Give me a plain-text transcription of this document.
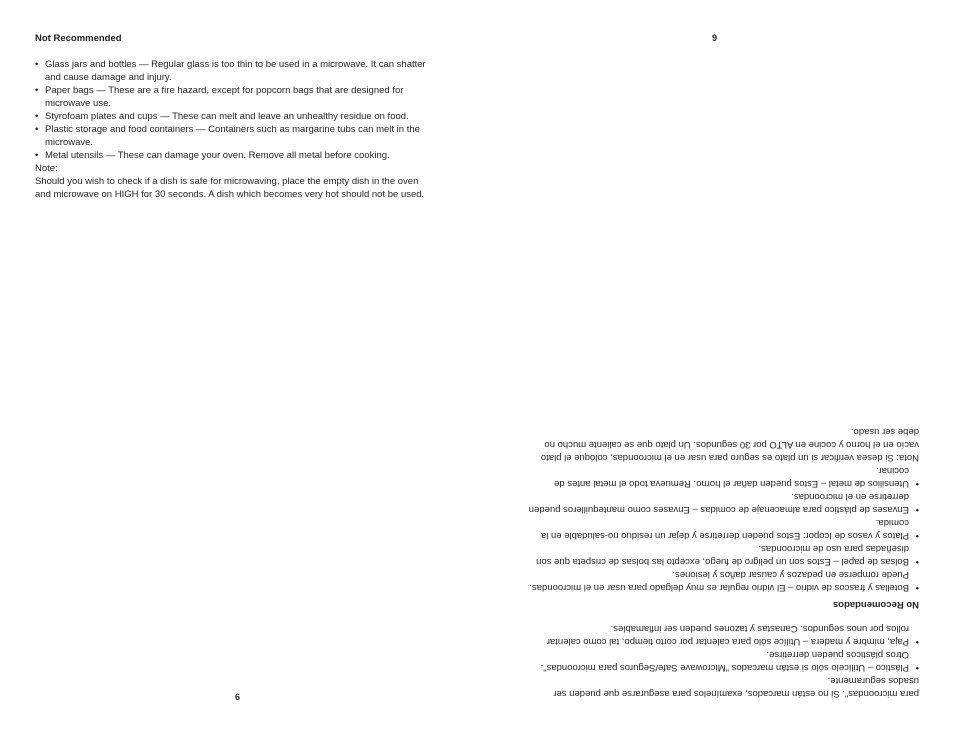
Not Recommended
• Glass jars and bottles — Regular glass is too thin to be used in a microwave. It can shatter and cause damage and injury.
• Paper bags — These are a fire hazard, except for popcorn bags that are designed for microwave use.
• Styrofoam plates and cups — These can melt and leave an unhealthy residue on food.
• Plastic storage and food containers — Containers such as margarine tubs can melt in the microwave.
• Metal utensils — These can damage your oven. Remove all metal before cooking.
Note:
Should you wish to check if a dish is safe for microwaving, place the empty dish in the oven and microwave on HIGH for 30 seconds. A dish which becomes very hot should not be used.
6
9
para microondas". Si no están marcados, examínelos para asegurarse que pueden ser usados seguramente.
•
Plástico – Utilícelo sólo si están marcados "Microwave Safe/Seguros para microondas". Otros plásticos pueden derretirse.
•
Paja, mimbre y madera – Utilíce sólo para calentar por corto tiempo, tal como calentar rollos por unos segundos. Canastas y tazones pueden ser inflamables.
No Recomendados
•
Botellas y frascos de vidrio – El vidrio regular es muy delgado para usar en el microondas. Puede romperse en pedazos y causar daños y lesiones.
•
Bolsas de papel – Estos son un peligro de fuego, excepto las bolsas de crispeta que son diseñadas para uso de microondas.
•
Platos y vasos de Icopor: Estos pueden derretirse y dejar un residuo no-saludable en la comida.
•
Envases de plástico para almacenaje de comidas – Envases como mantequilleros pueden derretirse en el microondas.
•
Utensilios de metal – Estos pueden dañar el horno. Remueva todo el metal antes de cocinar.
Nota: Si desea verificar si un plato es seguro para usar en el microondas, colóque el plato vacío en el horno y cocine en ALTO por 30 segundos. Un plato que se caliente mucho no debe ser usado.
